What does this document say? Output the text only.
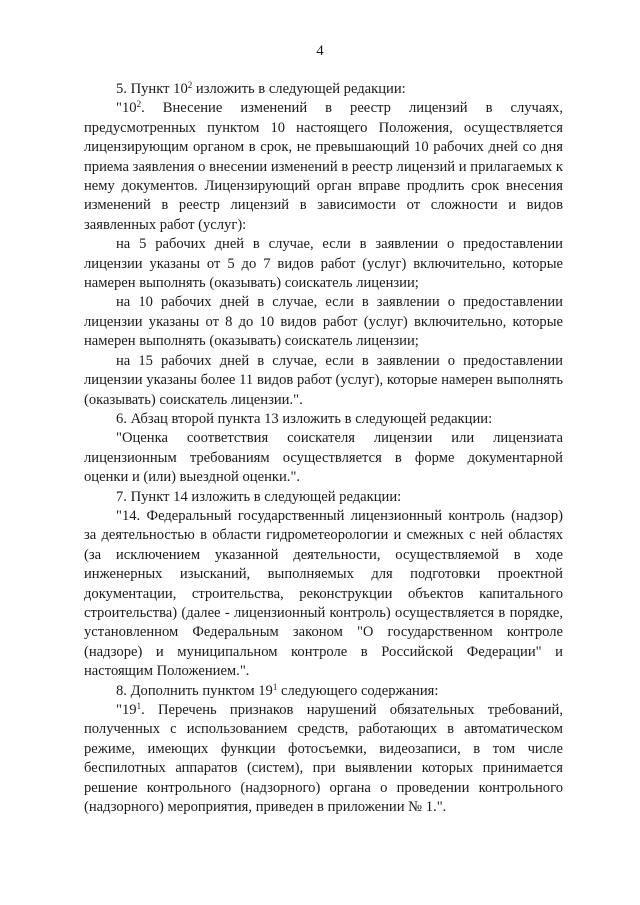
4

5. Пункт $10^2$ изложить в следующей редакции:

"$10^2$. Внесение изменений в реестр лицензий в случаях, предусмотренных пунктом 10 настоящего Положения, осуществляется лицензирующим органом в срок, не превышающий 10 рабочих дней со дня приема заявления о внесении изменений в реестр лицензий и прилагаемых к нему документов. Лицензирующий орган вправе продлить срок внесения изменений в реестр лицензий в зависимости от сложности и видов заявленных работ (услуг):

на 5 рабочих дней в случае, если в заявлении о предоставлении лицензии указаны от 5 до 7 видов работ (услуг) включительно, которые намерен выполнять (оказывать) соискатель лицензии;

на 10 рабочих дней в случае, если в заявлении о предоставлении лицензии указаны от 8 до 10 видов работ (услуг) включительно, которые намерен выполнять (оказывать) соискатель лицензии;

на 15 рабочих дней в случае, если в заявлении о предоставлении лицензии указаны более 11 видов работ (услуг), которые намерен выполнять (оказывать) соискатель лицензии.".

6. Абзац второй пункта 13 изложить в следующей редакции:

"Оценка соответствия соискателя лицензии или лицензиата лицензионным требованиям осуществляется в форме документарной оценки и (или) выездной оценки.".

7. Пункт 14 изложить в следующей редакции:

"14. Федеральный государственный лицензионный контроль (надзор) за деятельностью в области гидрометеорологии и смежных с ней областях (за исключением указанной деятельности, осуществляемой в ходе инженерных изысканий, выполняемых для подготовки проектной документации, строительства, реконструкции объектов капитального строительства) (далее - лицензионный контроль) осуществляется в порядке, установленном Федеральным законом "О государственном контроле (надзоре) и муниципальном контроле в Российской Федерации" и настоящим Положением.".

8. Дополнить пунктом $19^1$ следующего содержания:

"$19^1$. Перечень признаков нарушений обязательных требований, полученных с использованием средств, работающих в автоматическом режиме, имеющих функции фотосъемки, видеозаписи, в том числе беспилотных аппаратов (систем), при выявлении которых принимается решение контрольного (надзорного) органа о проведении контрольного (надзорного) мероприятия, приведен в приложении № 1.".
